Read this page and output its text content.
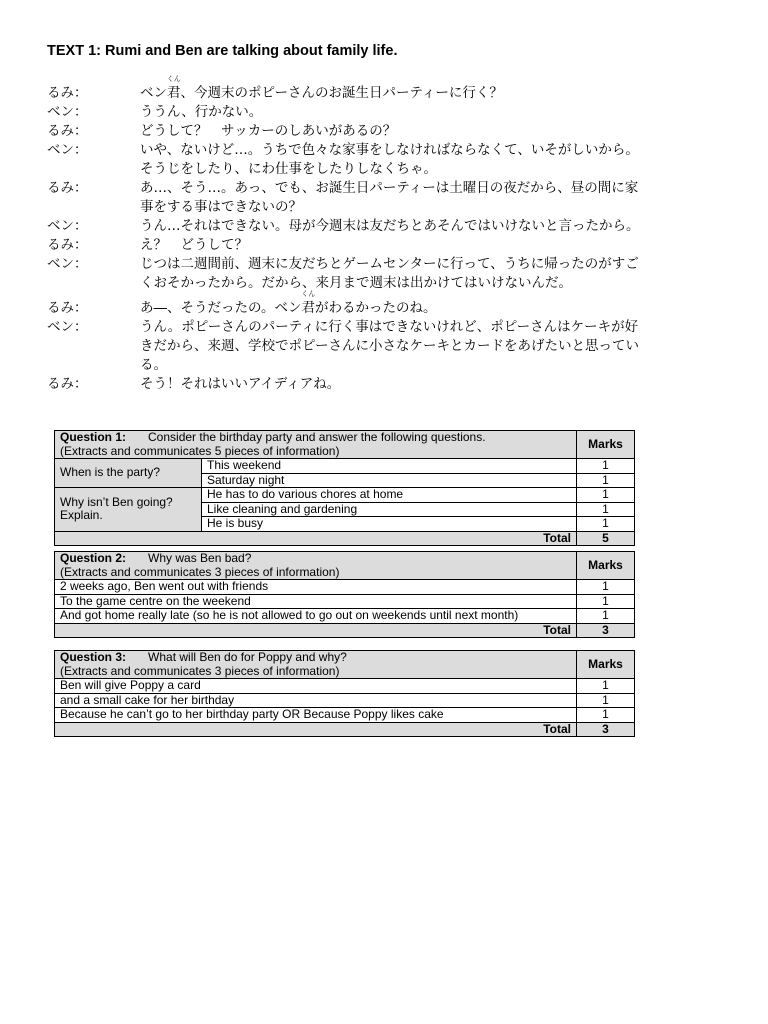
TEXT 1: Rumi and Ben are talking about family life.
るみ：	ベン
くん
君、今週末のポピーさんのお誕生日パーティーに行く？
ベン：	ううん、行かない。
るみ：	どうして？　サッカーのしあいがあるの？
ベン：	いや、ないけど…。うちで色々な家事をしなければならなくて、いそがしいから。
そうじをしたり、にわ仕事をしたりしなくちゃ。
るみ：	あ…、そう…。あっ、でも、お誕生日パーティーは土曜日の夜だから、昼の間に家
事をする事はできないの？
ベン：	うん…それはできない。母が今週末は友だちとあそんではいけないと言ったから。
るみ：	え？　どうして？
ベン：	じつは二週間前、週末に友だちとゲームセンターに行って、うちに帰ったのがすご
くおそかったから。だから、来月まで週末は出かけてはいけないんだ。
るみ：	あ―、そうだったの。ベン
くん
君がわるかったのね。
ベン：	うん。ポピーさんのパーティに行く事はできないけれど、ポピーさんはケーキが好
きだから、来週、学校でポピーさんに小さなケーキとカードをあげたいと思ってい
る。
るみ：	そう！それはいいアイディアね。
Question 1: Consider the birthday party and answer the following questions.
(Extracts and communicates 5 pieces of information)		Marks
When is the party?	This weekend	1
	Saturday night	1
Why isn’t Ben going? Explain.	He has to do various chores at home	1
	Like cleaning and gardening	1
	He is busy	1
Total		5
Question 2: Why was Ben bad?
(Extracts and communicates 3 pieces of information)	Marks
2 weeks ago, Ben went out with friends	1
To the game centre on the weekend	1
And got home really late (so he is not allowed to go out on weekends until next month)	1
Total	3
Question 3: What will Ben do for Poppy and why?
(Extracts and communicates 3 pieces of information)	Marks
Ben will give Poppy a card	1
and a small cake for her birthday	1
Because he can’t go to her birthday party OR Because Poppy likes cake	1
Total	3
